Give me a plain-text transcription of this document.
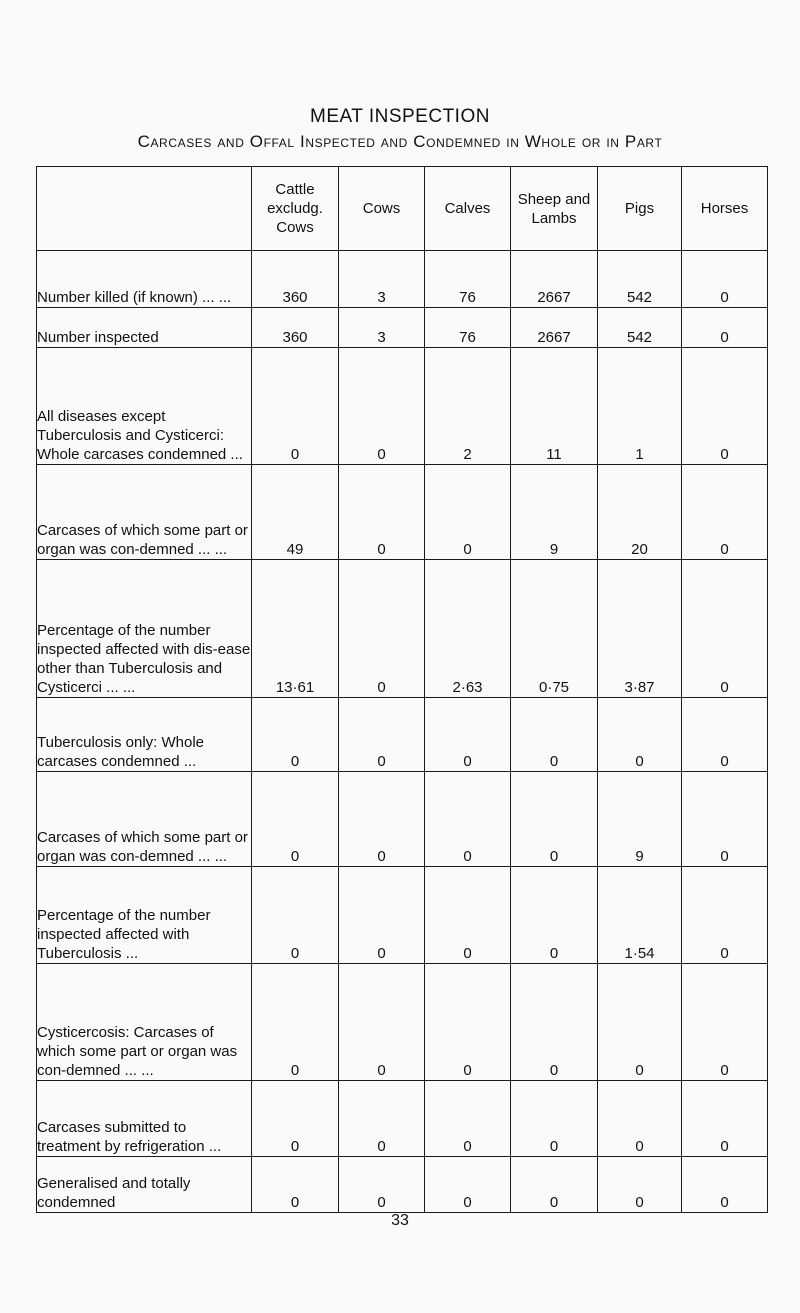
MEAT INSPECTION
Carcases and Offal Inspected and Condemned in Whole or in Part
	Cattle excludg. Cows	Cows	Calves	Sheep and Lambs	Pigs	Horses
Number killed (if known) ... ...	360	3	76	2667	542	0
Number inspected	360	3	76	2667	542	0
All diseases except Tuberculosis and Cysticerci: Whole carcases condemned ...	0	0	2	11	1	0
Carcases of which some part or organ was con-demned ... ...	49	0	0	9	20	0
Percentage of the number inspected affected with dis-ease other than Tuberculosis and Cysticerci ... ...	13·61	0	2·63	0·75	3·87	0
Tuberculosis only: Whole carcases condemned ...	0	0	0	0	0	0
Carcases of which some part or organ was con-demned ... ...	0	0	0	0	9	0
Percentage of the number inspected affected with Tuberculosis ...	0	0	0	0	1·54	0
Cysticercosis: Carcases of which some part or organ was con-demned ... ...	0	0	0	0	0	0
Carcases submitted to treatment by refrigeration ...	0	0	0	0	0	0
Generalised and totally condemned	0	0	0	0	0	0
33
